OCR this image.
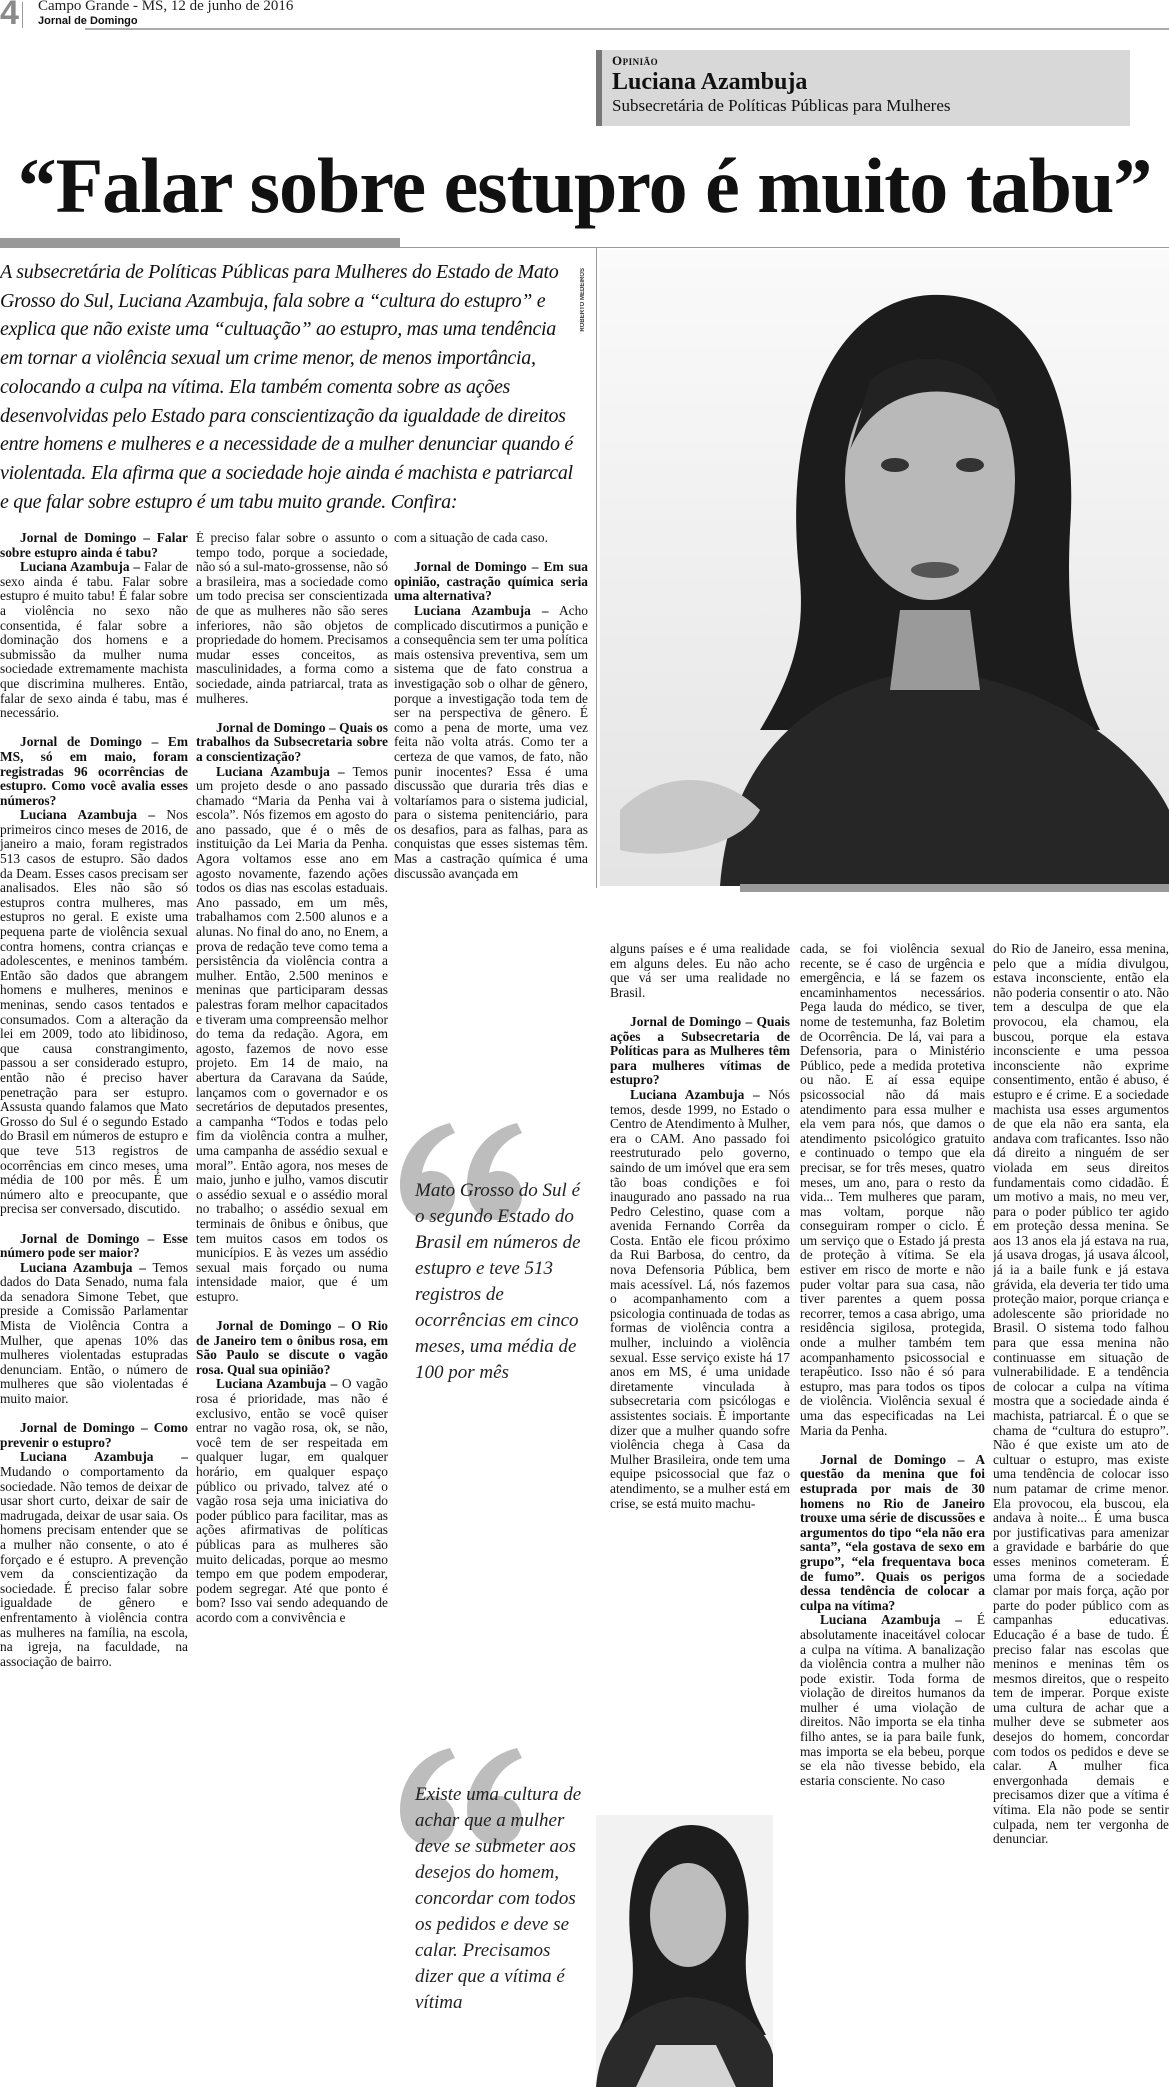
4 Campo Grande - MS, 12 de junho de 2016
Jornal de Domingo
Opinião
Luciana Azambuja
Subsecretária de Políticas Públicas para Mulheres
“Falar sobre estupro é muito tabu”
A subsecretária de Políticas Públicas para Mulheres do Estado de Mato Grosso do Sul, Luciana Azambuja, fala sobre a “cultura do estupro” e explica que não existe uma “cultuação” ao estupro, mas uma tendência em tornar a violência sexual um crime menor, de menos importância, colocando a culpa na vítima. Ela também comenta sobre as ações desenvolvidas pelo Estado para conscientização da igualdade de direitos entre homens e mulheres e a necessidade de a mulher denunciar quando é violentada. Ela afirma que a sociedade hoje ainda é machista e patriarcal e que falar sobre estupro é um tabu muito grande. Confira:
ROBERTO MEDEIROS

Jornal de Domingo – Falar sobre estupro ainda é tabu?

Luciana Azambuja – Falar de sexo ainda é tabu. Falar sobre estupro é muito tabu! É falar sobre a violência no sexo não consentida, é falar sobre a dominação dos homens e a submissão da mulher numa sociedade extremamente machista que discrimina mulheres. Então, falar de sexo ainda é tabu, mas é necessário.

Jornal de Domingo – Em MS, só em maio, foram registradas 96 ocorrências de estupro. Como você avalia esses números?

Luciana Azambuja – Nos primeiros cinco meses de 2016, de janeiro a maio, foram registrados 513 casos de estupro. São dados da Deam. Esses casos precisam ser analisados. Eles não são só estupros contra mulheres, mas estupros no geral. E existe uma pequena parte de violência sexual contra homens, contra crianças e adolescentes, e meninos também. Então são dados que abrangem homens e mulheres, meninos e meninas, sendo casos tentados e consumados. Com a alteração da lei em 2009, todo ato libidinoso, que causa constrangimento, passou a ser considerado estupro, então não é preciso haver penetração para ser estupro. Assusta quando falamos que Mato Grosso do Sul é o segundo Estado do Brasil em números de estupro e que teve 513 registros de ocorrências em cinco meses, uma média de 100 por mês. É um número alto e preocupante, que precisa ser conversado, discutido.

Jornal de Domingo – Esse número pode ser maior?

Luciana Azambuja – Temos dados do Data Senado, numa fala da senadora Simone Tebet, que preside a Comissão Parlamentar Mista de Violência Contra a Mulher, que apenas 10% das mulheres violentadas estupradas denunciam. Então, o número de mulheres que são violentadas é muito maior.

Jornal de Domingo – Como prevenir o estupro?

Luciana Azambuja – Mudando o comportamento da sociedade. Não temos de deixar de usar short curto, deixar de sair de madrugada, deixar de usar saia. Os homens precisam entender que se a mulher não consente, o ato é forçado e é estupro. A prevenção vem da conscientização da sociedade. É preciso falar sobre igualdade de gênero e enfrentamento à violência contra as mulheres na família, na escola, na igreja, na faculdade, na associação de bairro.

É preciso falar sobre o assunto o tempo todo, porque a sociedade, não só a sul-mato-grossense, não só a brasileira, mas a sociedade como um todo precisa ser conscientizada de que as mulheres não são seres inferiores, não são objetos de propriedade do homem. Precisamos mudar esses conceitos, as masculinidades, a forma como a sociedade, ainda patriarcal, trata as mulheres.

Jornal de Domingo – Quais os trabalhos da Subsecretaria sobre a conscientização?

Luciana Azambuja – Temos um projeto desde o ano passado chamado “Maria da Penha vai à escola”. Nós fizemos em agosto do ano passado, que é o mês de instituição da Lei Maria da Penha. Agora voltamos esse ano em agosto novamente, fazendo ações todos os dias nas escolas estaduais. Ano passado, em um mês, trabalhamos com 2.500 alunos e a alunas. No final do ano, no Enem, a prova de redação teve como tema a persistência da violência contra a mulher. Então, 2.500 meninos e meninas que participaram dessas palestras foram melhor capacitados e tiveram uma compreensão melhor do tema da redação. Agora, em agosto, fazemos de novo esse projeto. Em 14 de maio, na abertura da Caravana da Saúde, lançamos com o governador e os secretários de deputados presentes, a campanha “Todos e todas pelo fim da violência contra a mulher, uma campanha de assédio sexual e moral”. Então agora, nos meses de maio, junho e julho, vamos discutir o assédio sexual e o assédio moral no trabalho; o assédio sexual em terminais de ônibus e ônibus, que tem muitos casos em todos os municípios. E às vezes um assédio sexual mais forçado ou numa intensidade maior, que é um estupro.

Jornal de Domingo – O Rio de Janeiro tem o ônibus rosa, em São Paulo se discute o vagão rosa. Qual sua opinião?

Luciana Azambuja – O vagão rosa é prioridade, mas não é exclusivo, então se você quiser entrar no vagão rosa, ok, se não, você tem de ser respeitada em qualquer lugar, em qualquer horário, em qualquer espaço público ou privado, talvez até o vagão rosa seja uma iniciativa do poder público para facilitar, mas as ações afirmativas de políticas públicas para as mulheres são muito delicadas, porque ao mesmo tempo em que podem empoderar, podem segregar. Até que ponto é bom? Isso vai sendo adequando de acordo com a convivência e

com a situação de cada caso.

Jornal de Domingo – Em sua opinião, castração química seria uma alternativa?

Luciana Azambuja – Acho complicado discutirmos a punição e a consequência sem ter uma política mais ostensiva preventiva, sem um sistema que de fato construa a investigação sob o olhar de gênero, porque a investigação toda tem de ser na perspectiva de gênero. É como a pena de morte, uma vez feita não volta atrás. Como ter a certeza de que vamos, de fato, não punir inocentes? Essa é uma discussão que duraria três dias e voltaríamos para o sistema judicial, para o sistema penitenciário, para os desafios, para as falhas, para as conquistas que esses sistemas têm. Mas a castração química é uma discussão avançada em

alguns países e é uma realidade em alguns deles. Eu não acho que vá ser uma realidade no Brasil.

Jornal de Domingo – Quais ações a Subsecretaria de Políticas para as Mulheres têm para mulheres vítimas de estupro?

Luciana Azambuja – Nós temos, desde 1999, no Estado o Centro de Atendimento à Mulher, era o CAM. Ano passado foi reestruturado pelo governo, saindo de um imóvel que era sem tão boas condições e foi inaugurado ano passado na rua Pedro Celestino, quase com a avenida Fernando Corrêa da Costa. Então ele ficou próximo da Rui Barbosa, do centro, da nova Defensoria Pública, bem mais acessível. Lá, nós fazemos o acompanhamento com a psicologia continuada de todas as formas de violência contra a mulher, incluindo a violência sexual. Esse serviço existe há 17 anos em MS, é uma unidade diretamente vinculada à subsecretaria com psicólogas e assistentes sociais. É importante dizer que a mulher quando sofre violência chega à Casa da Mulher Brasileira, onde tem uma equipe psicossocial que faz o atendimento, se a mulher está em crise, se está muito machu-

cada, se foi violência sexual recente, se é caso de urgência e emergência, e lá se fazem os encaminhamentos necessários. Pega lauda do médico, se tiver, nome de testemunha, faz Boletim de Ocorrência. De lá, vai para a Defensoria, para o Ministério Público, pede a medida protetiva ou não. E aí essa equipe psicossocial não dá mais atendimento para essa mulher e ela vem para nós, que damos o atendimento psicológico gratuito e continuado o tempo que ela precisar, se for três meses, quatro meses, um ano, para o resto da vida... Tem mulheres que param, mas voltam, porque não conseguiram romper o ciclo. É um serviço que o Estado já presta de proteção à vítima. Se ela estiver em risco de morte e não puder voltar para sua casa, não tiver parentes a quem possa recorrer, temos a casa abrigo, uma residência sigilosa, protegida, onde a mulher também tem acompanhamento psicossocial e terapêutico. Isso não é só para estupro, mas para todos os tipos de violência. Violência sexual é uma das especificadas na Lei Maria da Penha.

Jornal de Domingo – A questão da menina que foi estuprada por mais de 30 homens no Rio de Janeiro trouxe uma série de discussões e argumentos do tipo “ela não era santa”, “ela gostava de sexo em grupo”, “ela frequentava boca de fumo”. Quais os perigos dessa tendência de colocar a culpa na vítima?

Luciana Azambuja – É absolutamente inaceitável colocar a culpa na vítima. A banalização da violência contra a mulher não pode existir. Toda forma de violação de direitos humanos da mulher é uma violação de direitos. Não importa se ela tinha filho antes, se ia para baile funk, mas importa se ela bebeu, porque se ela não tivesse bebido, ela estaria consciente. No caso

do Rio de Janeiro, essa menina, pelo que a mídia divulgou, estava inconsciente, então ela não poderia consentir o ato. Não tem a desculpa de que ela provocou, ela chamou, ela buscou, porque ela estava inconsciente e uma pessoa inconsciente não exprime consentimento, então é abuso, é estupro e é crime. E a sociedade machista usa esses argumentos de que ela não era santa, ela andava com traficantes. Isso não dá direito a ninguém de ser violada em seus direitos fundamentais como cidadão. É um motivo a mais, no meu ver, para o poder público ter agido em proteção dessa menina. Se aos 13 anos ela já estava na rua, já usava drogas, já usava álcool, já ia a baile funk e já estava grávida, ela deveria ter tido uma proteção maior, porque criança e adolescente são prioridade no Brasil. O sistema todo falhou para que essa menina não continuasse em situação de vulnerabilidade. E a tendência de colocar a culpa na vítima mostra que a sociedade ainda é machista, patriarcal. É o que se chama de “cultura do estupro”. Não é que existe um ato de cultuar o estupro, mas existe uma tendência de colocar isso num patamar de crime menor. Ela provocou, ela buscou, ela andava à noite... É uma busca por justificativas para amenizar a gravidade e barbárie do que esses meninos cometeram. É uma forma de a sociedade clamar por mais força, ação por parte do poder público com as campanhas educativas. Educação é a base de tudo. É preciso falar nas escolas que meninos e meninas têm os mesmos direitos, que o respeito tem de imperar. Porque existe uma cultura de achar que a mulher deve se submeter aos desejos do homem, concordar com todos os pedidos e deve se calar. A mulher fica envergonhada demais e precisamos dizer que a vítima é vítima. Ela não pode se sentir culpada, nem ter vergonha de denunciar.

Mato Grosso do Sul é o segundo Estado do Brasil em números de estupro e teve 513 registros de ocorrências em cinco meses, uma média de 100 por mês
Existe uma cultura de achar que a mulher deve se submeter aos desejos do homem, concordar com todos os pedidos e deve se calar. Precisamos dizer que a vítima é vítima
